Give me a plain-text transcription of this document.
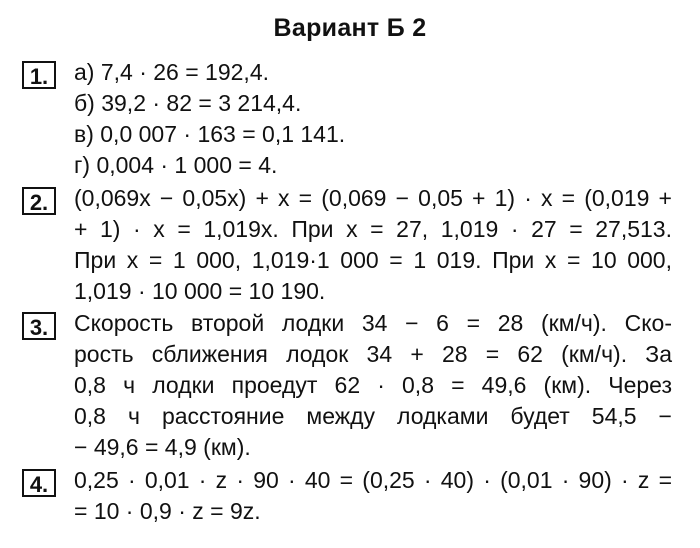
Вариант Б 2
1.	а) 7,4 · 26 = 192,4.
б) 39,2 · 82 = 3 214,4.
в) 0,0 007 · 163 = 0,1 141.
г) 0,004 · 1 000 = 4.
2.	(0,069x − 0,05x) + x = (0,069 − 0,05 + 1) · x = (0,019 +
+ 1) · x = 1,019x. При x = 27, 1,019 · 27 = 27,513.
При x = 1 000, 1,019·1 000 = 1 019. При x = 10 000,
1,019 · 10 000 = 10 190.
3.	Скорость второй лодки 34 − 6 = 28 (км/ч). Ско-
рость сближения лодок 34 + 28 = 62 (км/ч). За
0,8 ч лодки проедут 62 · 0,8 = 49,6 (км). Через
0,8 ч расстояние между лодками будет 54,5 −
− 49,6 = 4,9 (км).
4.	0,25 · 0,01 · z · 90 · 40 = (0,25 · 40) · (0,01 · 90) · z =
= 10 · 0,9 · z = 9z.
